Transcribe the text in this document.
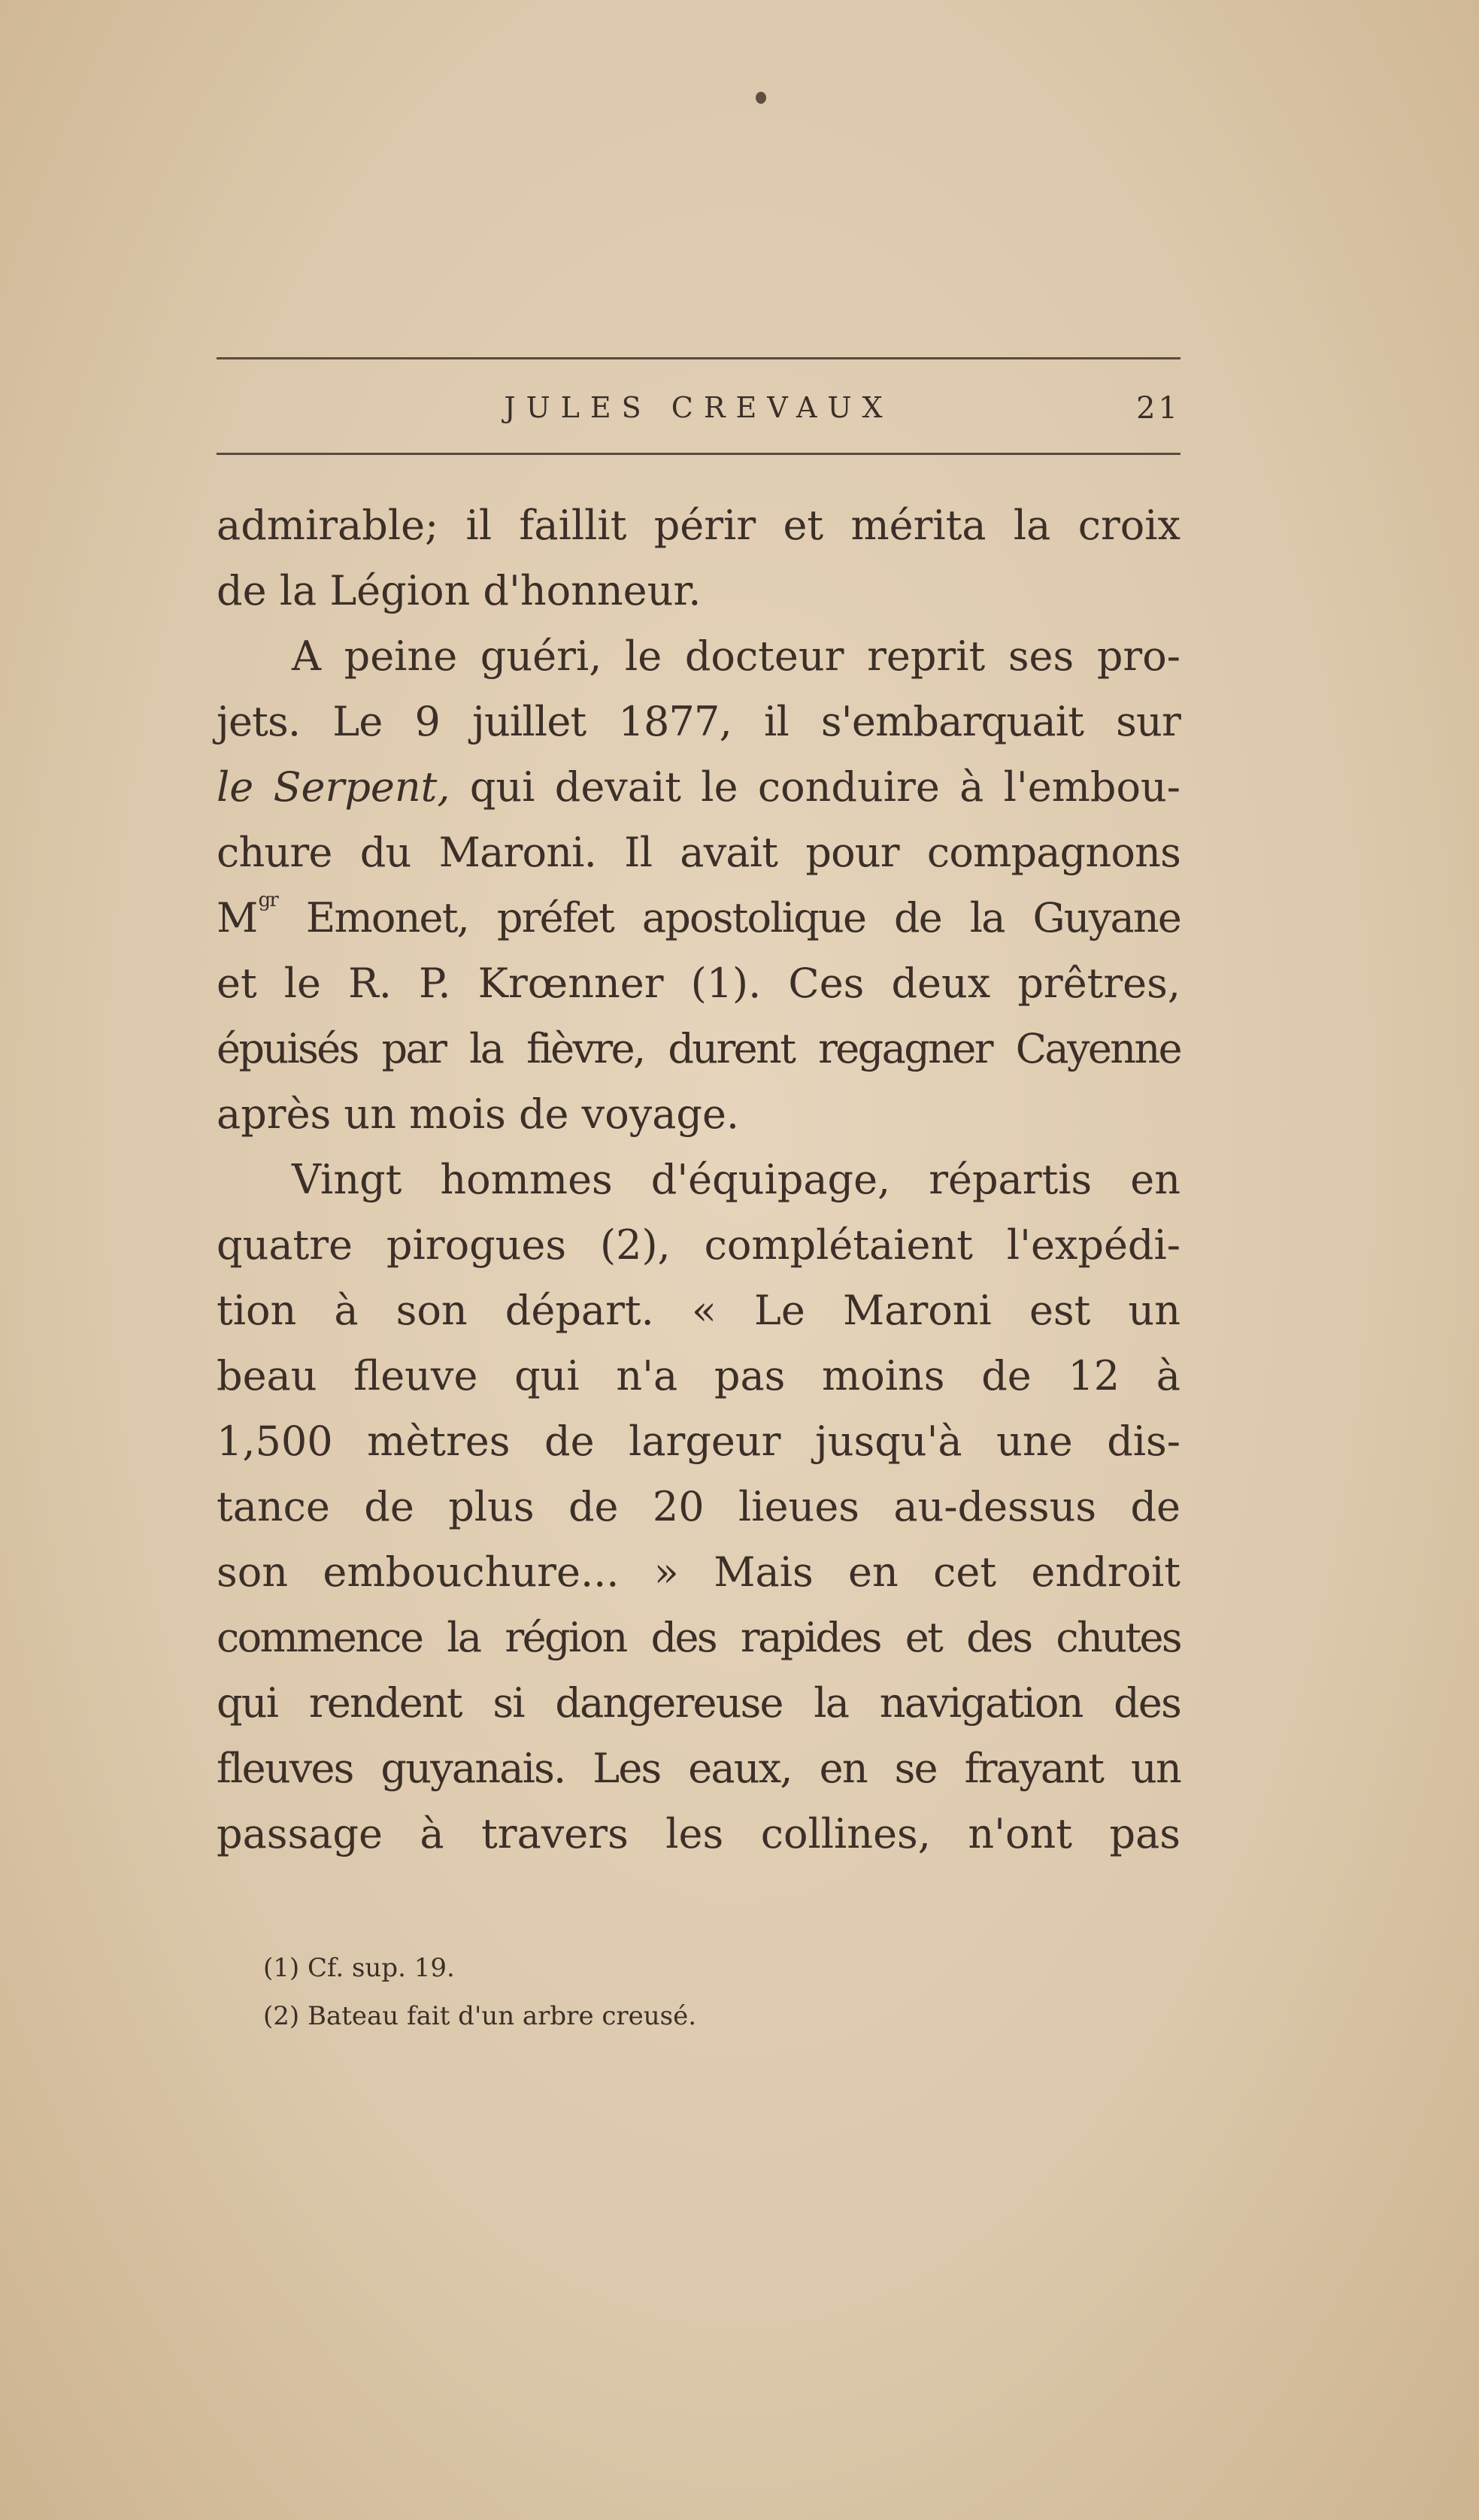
JULES CREVAUX	21
admirable; il faillit périr et mérita la croix
de la Légion d'honneur.
A peine guéri, le docteur reprit ses pro-
jets. Le 9 juillet 1877, il s'embarquait sur
le Serpent, qui devait le conduire à l'embou-
chure du Maroni. Il avait pour compagnons
$M^{gr}$ Emonet, préfet apostolique de la Guyane
et le R. P. Krœnner (1). Ces deux prêtres,
épuisés par la fièvre, durent regagner Cayenne
après un mois de voyage.
Vingt hommes d'équipage, répartis en
quatre pirogues (2), complétaient l'expédi-
tion à son départ. « Le Maroni est un
beau fleuve qui n'a pas moins de 12 à
1,500 mètres de largeur jusqu'à une dis-
tance de plus de 20 lieues au-dessus de
son embouchure... » Mais en cet endroit
commence la région des rapides et des chutes
qui rendent si dangereuse la navigation des
fleuves guyanais. Les eaux, en se frayant un
passage à travers les collines, n'ont pas
(1) Cf. sup. 19.
(2) Bateau fait d'un arbre creusé.
